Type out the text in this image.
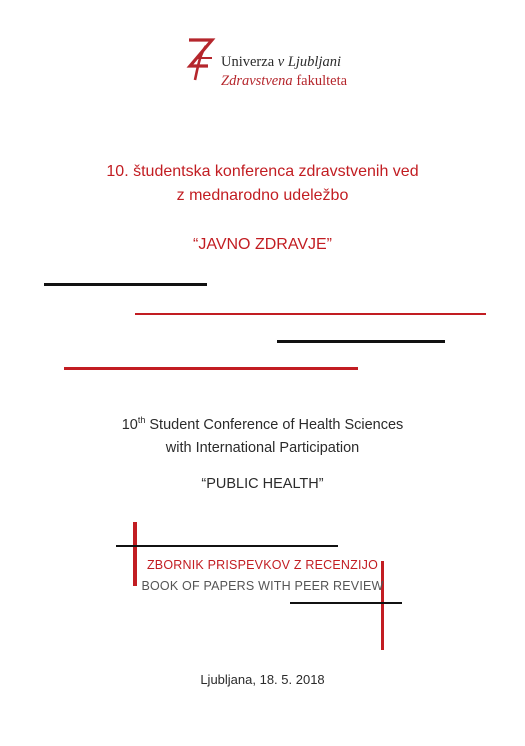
Univerza v Ljubljani
Zdravstvena fakulteta
10. študentska konferenca zdravstvenih ved
z mednarodno udeležbo
“JAVNO ZDRAVJE”
10th Student Conference of Health Sciences
with International Participation
“PUBLIC HEALTH”
ZBORNIK PRISPEVKOV Z RECENZIJO
BOOK OF PAPERS WITH PEER REVIEW
Ljubljana, 18. 5. 2018
